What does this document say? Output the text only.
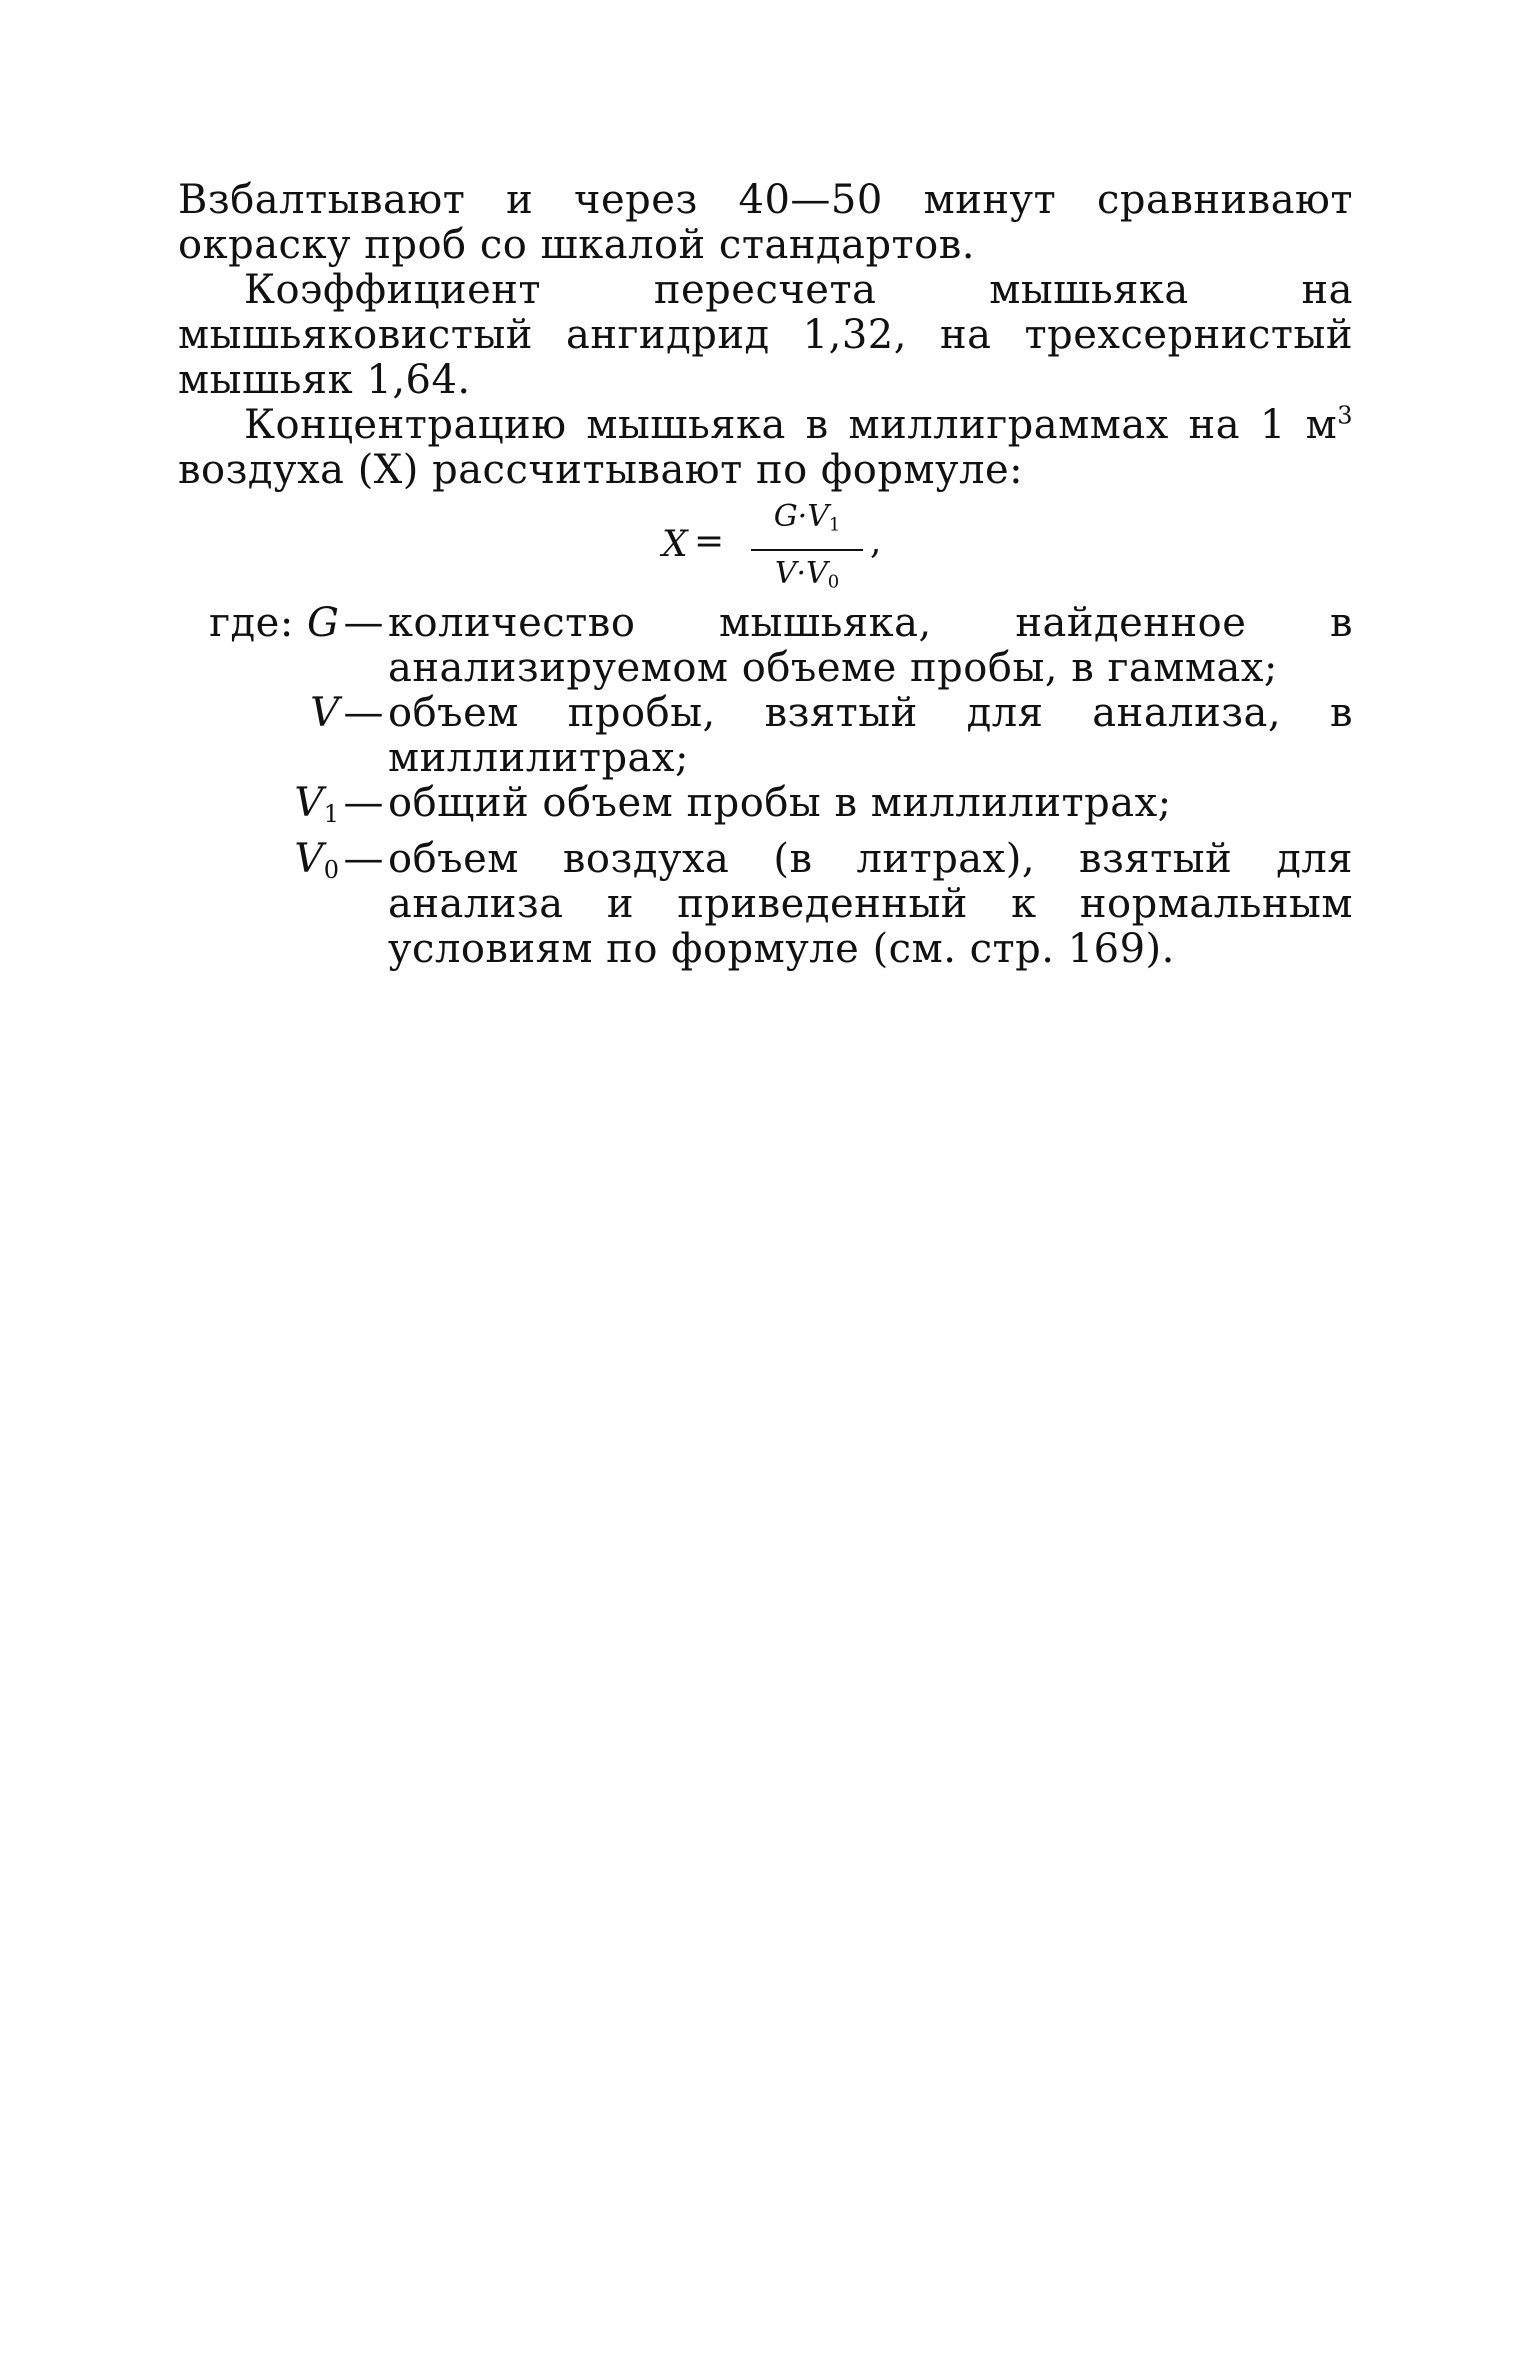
Взбалтывают и через 40—50 минут сравнивают окраску проб со шкалой стандартов.

Коэффициент пересчета мышьяка на мышьяковистый ангидрид 1,32, на трехсернистый мышьяк 1,64.

Концентрацию мышьяка в миллиграммах на 1 $м^3$ воздуха (X) рассчитывают по формуле:

X =
$G\cdot V_1$
$V\cdot V_0$
,
где: G — количество мышьяка, найденное в анализируемом объеме пробы, в гаммах;
V — объем пробы, взятый для анализа, в миллилитрах;
$V_1$ — общий объем пробы в миллилитрах;
$V_0$ — объем воздуха (в литрах), взятый для анализа и приведенный к нормальным условиям по формуле (см. стр. 169).
